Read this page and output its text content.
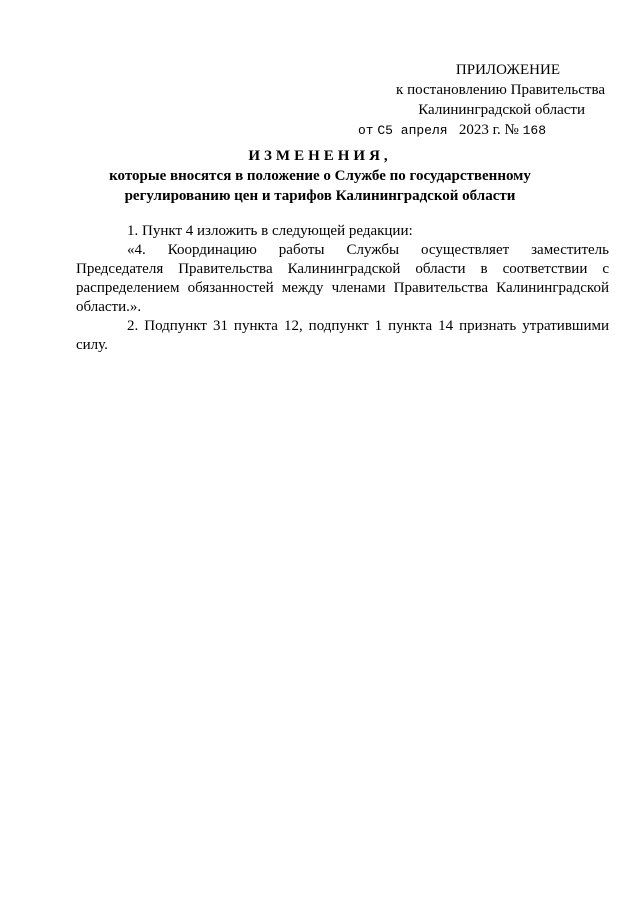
ПРИЛОЖЕНИЕ
к постановлению Правительства
Калининградской области
от С5 апреля 2023 г. № 168
ИЗМЕНЕНИЯ,
которые вносятся в положение о Службе по государственному
регулированию цен и тарифов Калининградской области

1. Пункт 4 изложить в следующей редакции:

«4. Координацию работы Службы осуществляет заместитель Председателя Правительства Калининградской области в соответствии с распределением обязанностей между членами Правительства Калининградской области.».

2. Подпункт 31 пункта 12, подпункт 1 пункта 14 признать утратившими силу.
